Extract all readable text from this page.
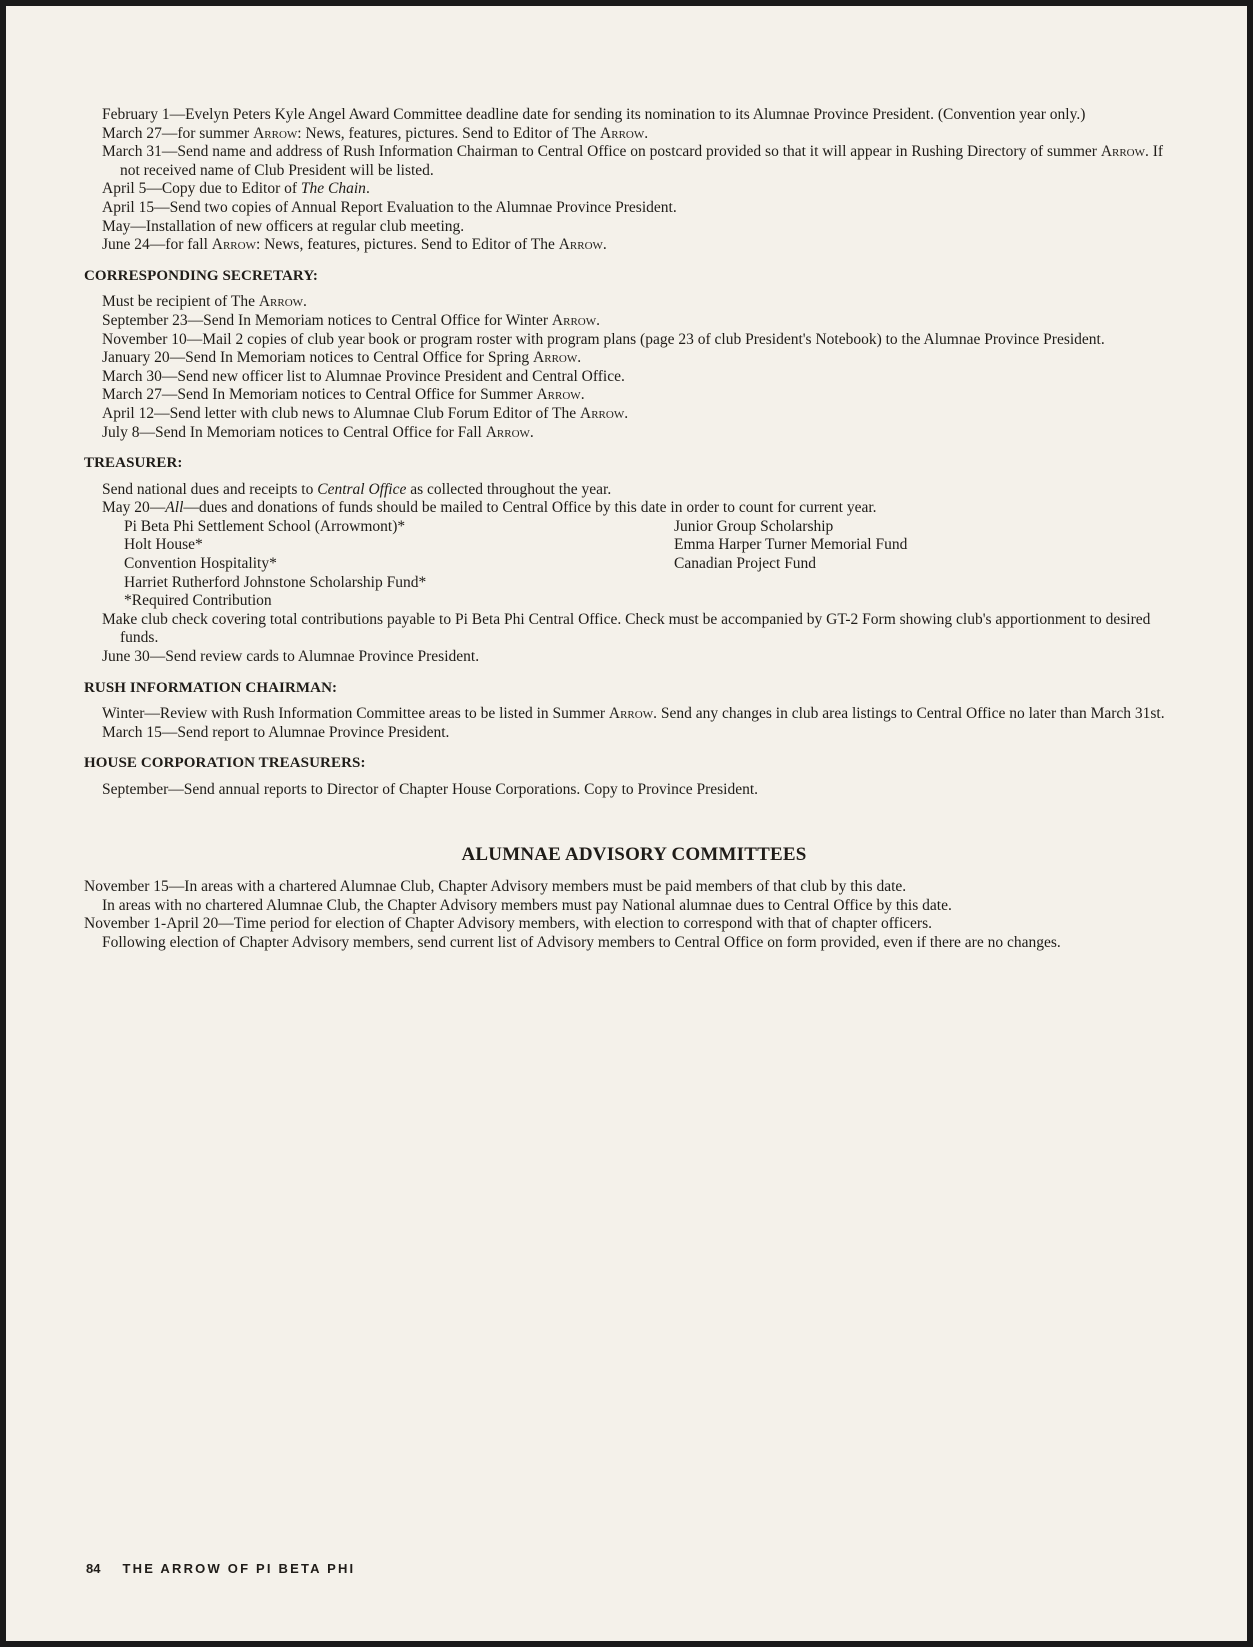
February 1—Evelyn Peters Kyle Angel Award Committee deadline date for sending its nomination to its Alumnae Province President. (Convention year only.)

March 27—for summer Arrow: News, features, pictures. Send to Editor of The Arrow.

March 31—Send name and address of Rush Information Chairman to Central Office on postcard provided so that it will appear in Rushing Directory of summer Arrow. If not received name of Club President will be listed.

April 5—Copy due to Editor of The Chain.

April 15—Send two copies of Annual Report Evaluation to the Alumnae Province President.

May—Installation of new officers at regular club meeting.

June 24—for fall Arrow: News, features, pictures. Send to Editor of The Arrow.

CORRESPONDING SECRETARY:

Must be recipient of The Arrow.

September 23—Send In Memoriam notices to Central Office for Winter Arrow.

November 10—Mail 2 copies of club year book or program roster with program plans (page 23 of club President's Notebook) to the Alumnae Province President.

January 20—Send In Memoriam notices to Central Office for Spring Arrow.

March 30—Send new officer list to Alumnae Province President and Central Office.

March 27—Send In Memoriam notices to Central Office for Summer Arrow.

April 12—Send letter with club news to Alumnae Club Forum Editor of The Arrow.

July 8—Send In Memoriam notices to Central Office for Fall Arrow.

TREASURER:

Send national dues and receipts to Central Office as collected throughout the year.

May 20—All—dues and donations of funds should be mailed to Central Office by this date in order to count for current year.

Pi Beta Phi Settlement School (Arrowmont)*	Junior Group Scholarship
Holt House*	Emma Harper Turner Memorial Fund
Convention Hospitality*	Canadian Project Fund
Harriet Rutherford Johnstone Scholarship Fund*
*Required Contribution

Make club check covering total contributions payable to Pi Beta Phi Central Office. Check must be accompanied by GT-2 Form showing club's apportionment to desired funds.

June 30—Send review cards to Alumnae Province President.

RUSH INFORMATION CHAIRMAN:

Winter—Review with Rush Information Committee areas to be listed in Summer Arrow. Send any changes in club area listings to Central Office no later than March 31st.

March 15—Send report to Alumnae Province President.

HOUSE CORPORATION TREASURERS:

September—Send annual reports to Director of Chapter House Corporations. Copy to Province President.

ALUMNAE ADVISORY COMMITTEES

November 15—In areas with a chartered Alumnae Club, Chapter Advisory members must be paid members of that club by this date.

In areas with no chartered Alumnae Club, the Chapter Advisory members must pay National alumnae dues to Central Office by this date.

November 1-April 20—Time period for election of Chapter Advisory members, with election to correspond with that of chapter officers.

Following election of Chapter Advisory members, send current list of Advisory members to Central Office on form provided, even if there are no changes.

84 THE ARROW OF PI BETA PHI
